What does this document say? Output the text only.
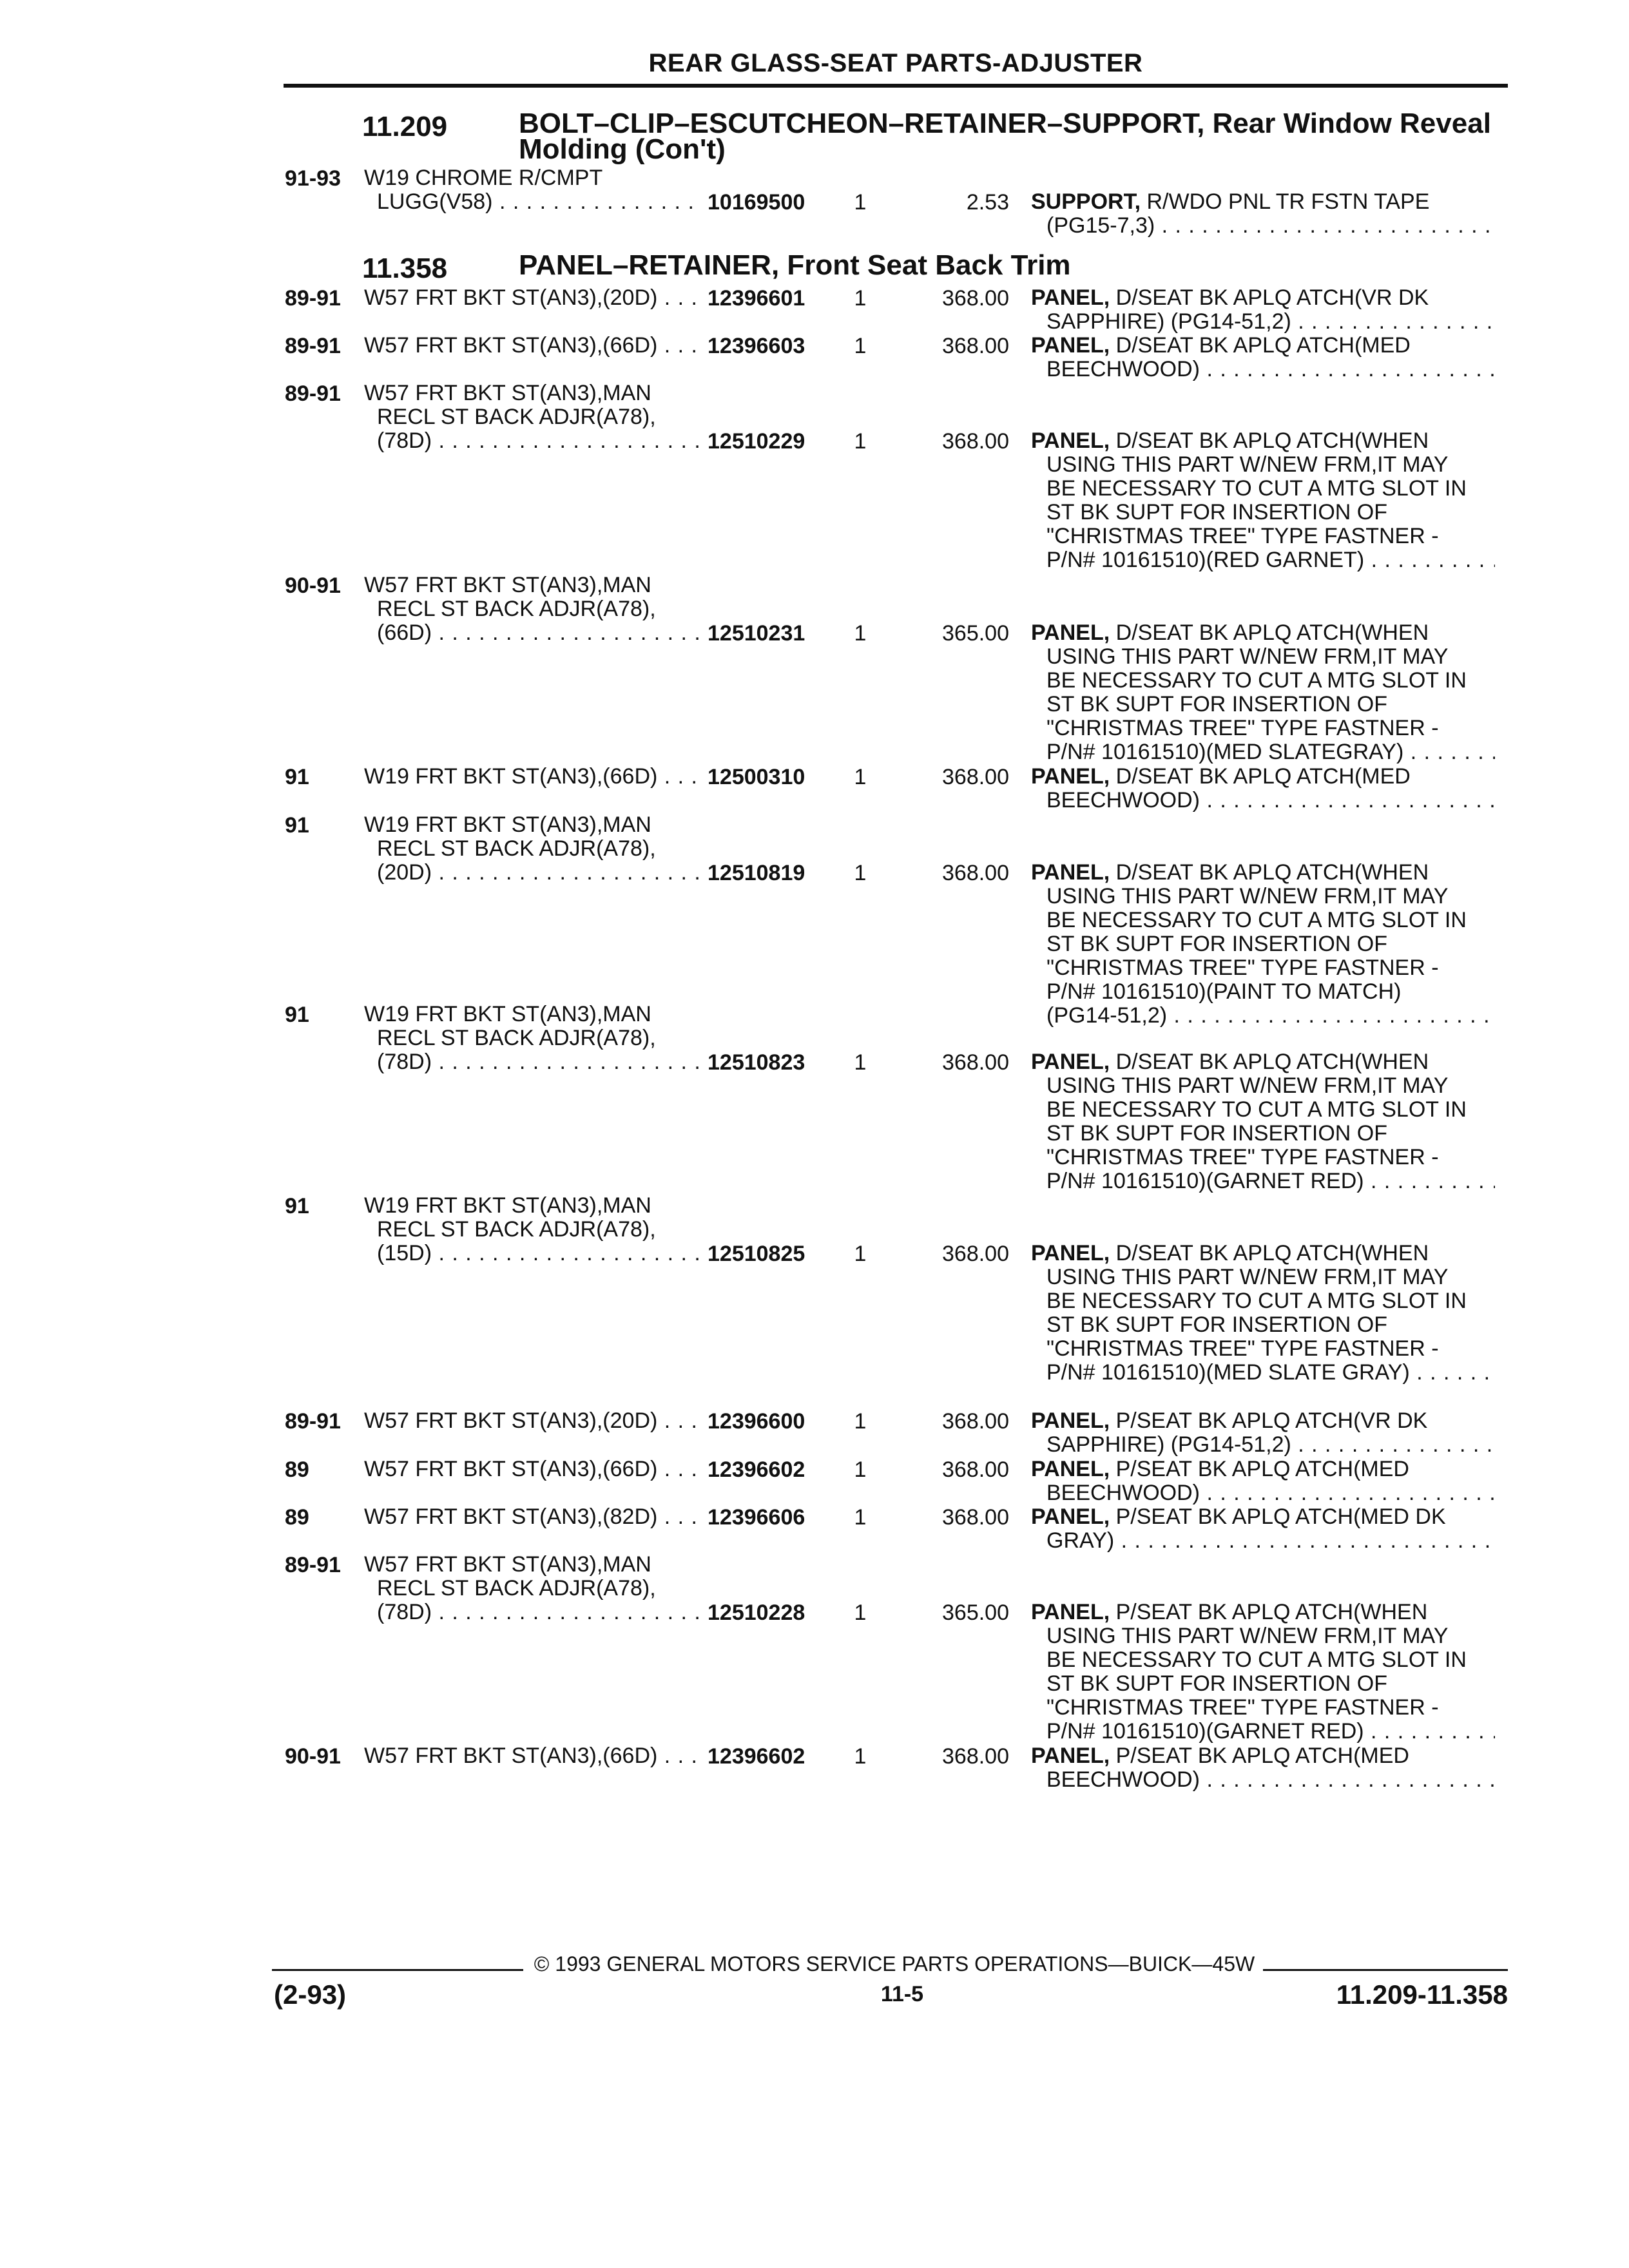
REAR GLASS-SEAT PARTS-ADJUSTER
11.209	BOLT–CLIP–ESCUTCHEON–RETAINER–SUPPORT, Rear Window Reveal
Molding (Con't)
11.358	PANEL–RETAINER, Front Seat Back Trim
91-93 W19 CHROME R/CMPT
LUGG(V58) . . .	10169500	1	2.53 SUPPORT, R/WDO PNL TR FSTN TAPE
(PG15-7,3) . . .
89-91 W57 FRT BKT ST(AN3),(20D) . . .	12396601	1	368.00 PANEL, D/SEAT BK APLQ ATCH(VR DK
SAPPHIRE) (PG14-51,2) . . .
89-91 W57 FRT BKT ST(AN3),(66D) . . .	12396603	1	368.00 PANEL, D/SEAT BK APLQ ATCH(MED
BEECHWOOD) . . .
89-91 W57 FRT BKT ST(AN3),MAN
RECL ST BACK ADJR(A78),
(78D) . . .	12510229	1	368.00 PANEL, D/SEAT BK APLQ ATCH(WHEN
USING THIS PART W/NEW FRM,IT MAY
BE NECESSARY TO CUT A MTG SLOT IN
ST BK SUPT FOR INSERTION OF
"CHRISTMAS TREE" TYPE FASTNER -
P/N# 10161510)(RED GARNET) . . .
90-91 W57 FRT BKT ST(AN3),MAN
RECL ST BACK ADJR(A78),
(66D) . . .	12510231	1	365.00 PANEL, D/SEAT BK APLQ ATCH(WHEN
USING THIS PART W/NEW FRM,IT MAY
BE NECESSARY TO CUT A MTG SLOT IN
ST BK SUPT FOR INSERTION OF
"CHRISTMAS TREE" TYPE FASTNER -
P/N# 10161510)(MED SLATEGRAY) . . .
91	W19 FRT BKT ST(AN3),(66D) . . .	12500310	1	368.00 PANEL, D/SEAT BK APLQ ATCH(MED
BEECHWOOD) . . .
91	W19 FRT BKT ST(AN3),MAN
RECL ST BACK ADJR(A78),
(20D) . . .	12510819	1	368.00 PANEL, D/SEAT BK APLQ ATCH(WHEN
USING THIS PART W/NEW FRM,IT MAY
BE NECESSARY TO CUT A MTG SLOT IN
ST BK SUPT FOR INSERTION OF
"CHRISTMAS TREE" TYPE FASTNER -
P/N# 10161510)(PAINT TO MATCH)
(PG14-51,2) . . .
91	W19 FRT BKT ST(AN3),MAN
RECL ST BACK ADJR(A78),
(78D) . . .	12510823	1	368.00 PANEL, D/SEAT BK APLQ ATCH(WHEN
USING THIS PART W/NEW FRM,IT MAY
BE NECESSARY TO CUT A MTG SLOT IN
ST BK SUPT FOR INSERTION OF
"CHRISTMAS TREE" TYPE FASTNER -
P/N# 10161510)(GARNET RED) . . .
91	W19 FRT BKT ST(AN3),MAN
RECL ST BACK ADJR(A78),
(15D) . . .	12510825	1	368.00 PANEL, D/SEAT BK APLQ ATCH(WHEN
USING THIS PART W/NEW FRM,IT MAY
BE NECESSARY TO CUT A MTG SLOT IN
ST BK SUPT FOR INSERTION OF
"CHRISTMAS TREE" TYPE FASTNER -
P/N# 10161510)(MED SLATE GRAY) . . .
89-91 W57 FRT BKT ST(AN3),(20D) . . .	12396600	1	368.00 PANEL, P/SEAT BK APLQ ATCH(VR DK
SAPPHIRE) (PG14-51,2) . . .
89	W57 FRT BKT ST(AN3),(66D) . . .	12396602	1	368.00 PANEL, P/SEAT BK APLQ ATCH(MED
BEECHWOOD) . . .
89	W57 FRT BKT ST(AN3),(82D) . . .	12396606	1	368.00 PANEL, P/SEAT BK APLQ ATCH(MED DK
GRAY) . . .
89-91 W57 FRT BKT ST(AN3),MAN
RECL ST BACK ADJR(A78),
(78D) . . .	12510228	1	365.00 PANEL, P/SEAT BK APLQ ATCH(WHEN
USING THIS PART W/NEW FRM,IT MAY
BE NECESSARY TO CUT A MTG SLOT IN
ST BK SUPT FOR INSERTION OF
"CHRISTMAS TREE" TYPE FASTNER -
P/N# 10161510)(GARNET RED) . . .
90-91 W57 FRT BKT ST(AN3),(66D) . . .	12396602	1	368.00 PANEL, P/SEAT BK APLQ ATCH(MED
BEECHWOOD) . . .
© 1993 GENERAL MOTORS SERVICE PARTS OPERATIONS—BUICK—45W
(2-93)	11-5	11.209-11.358
